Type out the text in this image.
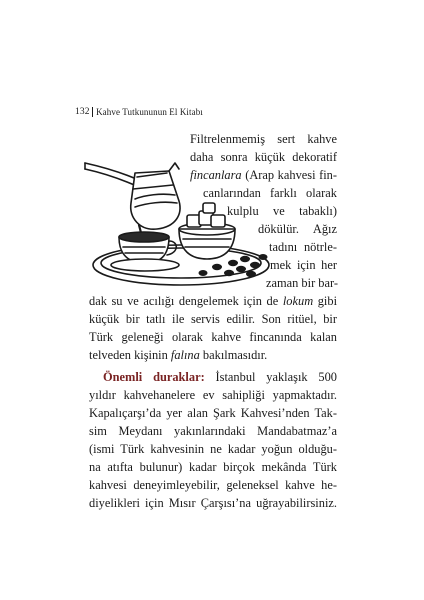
132 Kahve Tutkununun El Kitabı
Filtrelenmemiş sert kahve
daha sonra küçük dekoratif
fincanlara (Arap kahvesi fin-
canlarından farklı olarak
kulplu ve tabaklı)
dökülür. Ağız
tadını nötrle-
mek için her
zaman bir bar-
dak su ve acılığı dengelemek için de lokum gibi
küçük bir tatlı ile servis edilir. Son ritüel, bir
Türk geleneği olarak kahve fincanında kalan
telveden kişinin falına bakılmasıdır.
Önemli duraklar: İstanbul yaklaşık 500
yıldır kahvehanelere ev sahipliği yapmaktadır.
Kapalıçarşı’da yer alan Şark Kahvesi’nden Tak-
sim Meydanı yakınlarındaki Mandabatmaz’a
(ismi Türk kahvesinin ne kadar yoğun olduğu-
na atıfta bulunur) kadar birçok mekânda Türk
kahvesi deneyimleyebilir, geleneksel kahve he-
diyelikleri için Mısır Çarşısı’na uğrayabilirsiniz.
